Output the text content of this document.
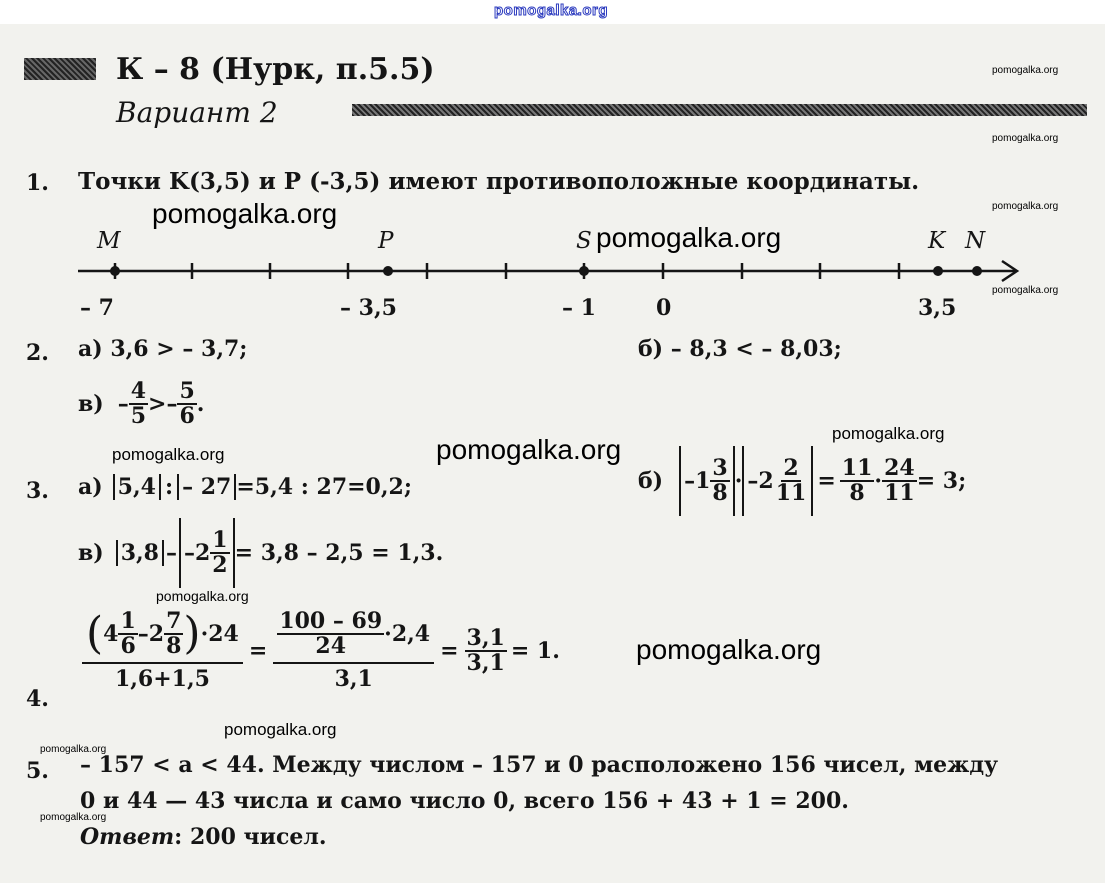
pomogalka.org
К – 8 (Нурк, п.5.5)
Вариант 2
1. Точки K(3,5) и P (-3,5) имеют противоположные координаты.
M	P	S	K N
– 7	– 3,5	– 1	0	3,5
2. а) 3,6 > – 3,7;	б) – 8,3 < – 8,03;
$в) - \frac{4}{5} >- \frac{5}{6}$ .
3. а) 5,4 : – 27 =5,4 : 27=0,2;	$б) - 1 \frac{3}{8}$ · – $2 \frac{2}{11} = \frac{11}{8} \cdot \frac{24}{11} = 3$;
в) 3,8 – – $2 \frac{1}{2} = 3,8 - 2,5 = 1,3$.
4.
( $4 \frac{1}{6} - 2 \frac{7}{8}$ ) ·24
1,6+1,5
= $\frac{\frac{100 - 69}{24} \cdot 2,4}{3,1} = \frac{3,1}{3,1} = 1$.
5. – 157 < a < 44. Между числом – 157 и 0 расположено 156 чисел, между
0 и 44 — 43 числа и само число 0, всего 156 + 43 + 1 = 200.
Ответ: 200 чисел.
pomogalka.org
pomogalka.org
pomogalka.org
pomogalka.org
pomogalka.org
pomogalka.org
pomogalka.org
pomogalka.org
pomogalka.org
pomogalka.org
pomogalka.org
pomogalka.org
pomogalka.org
pomogalka.org
